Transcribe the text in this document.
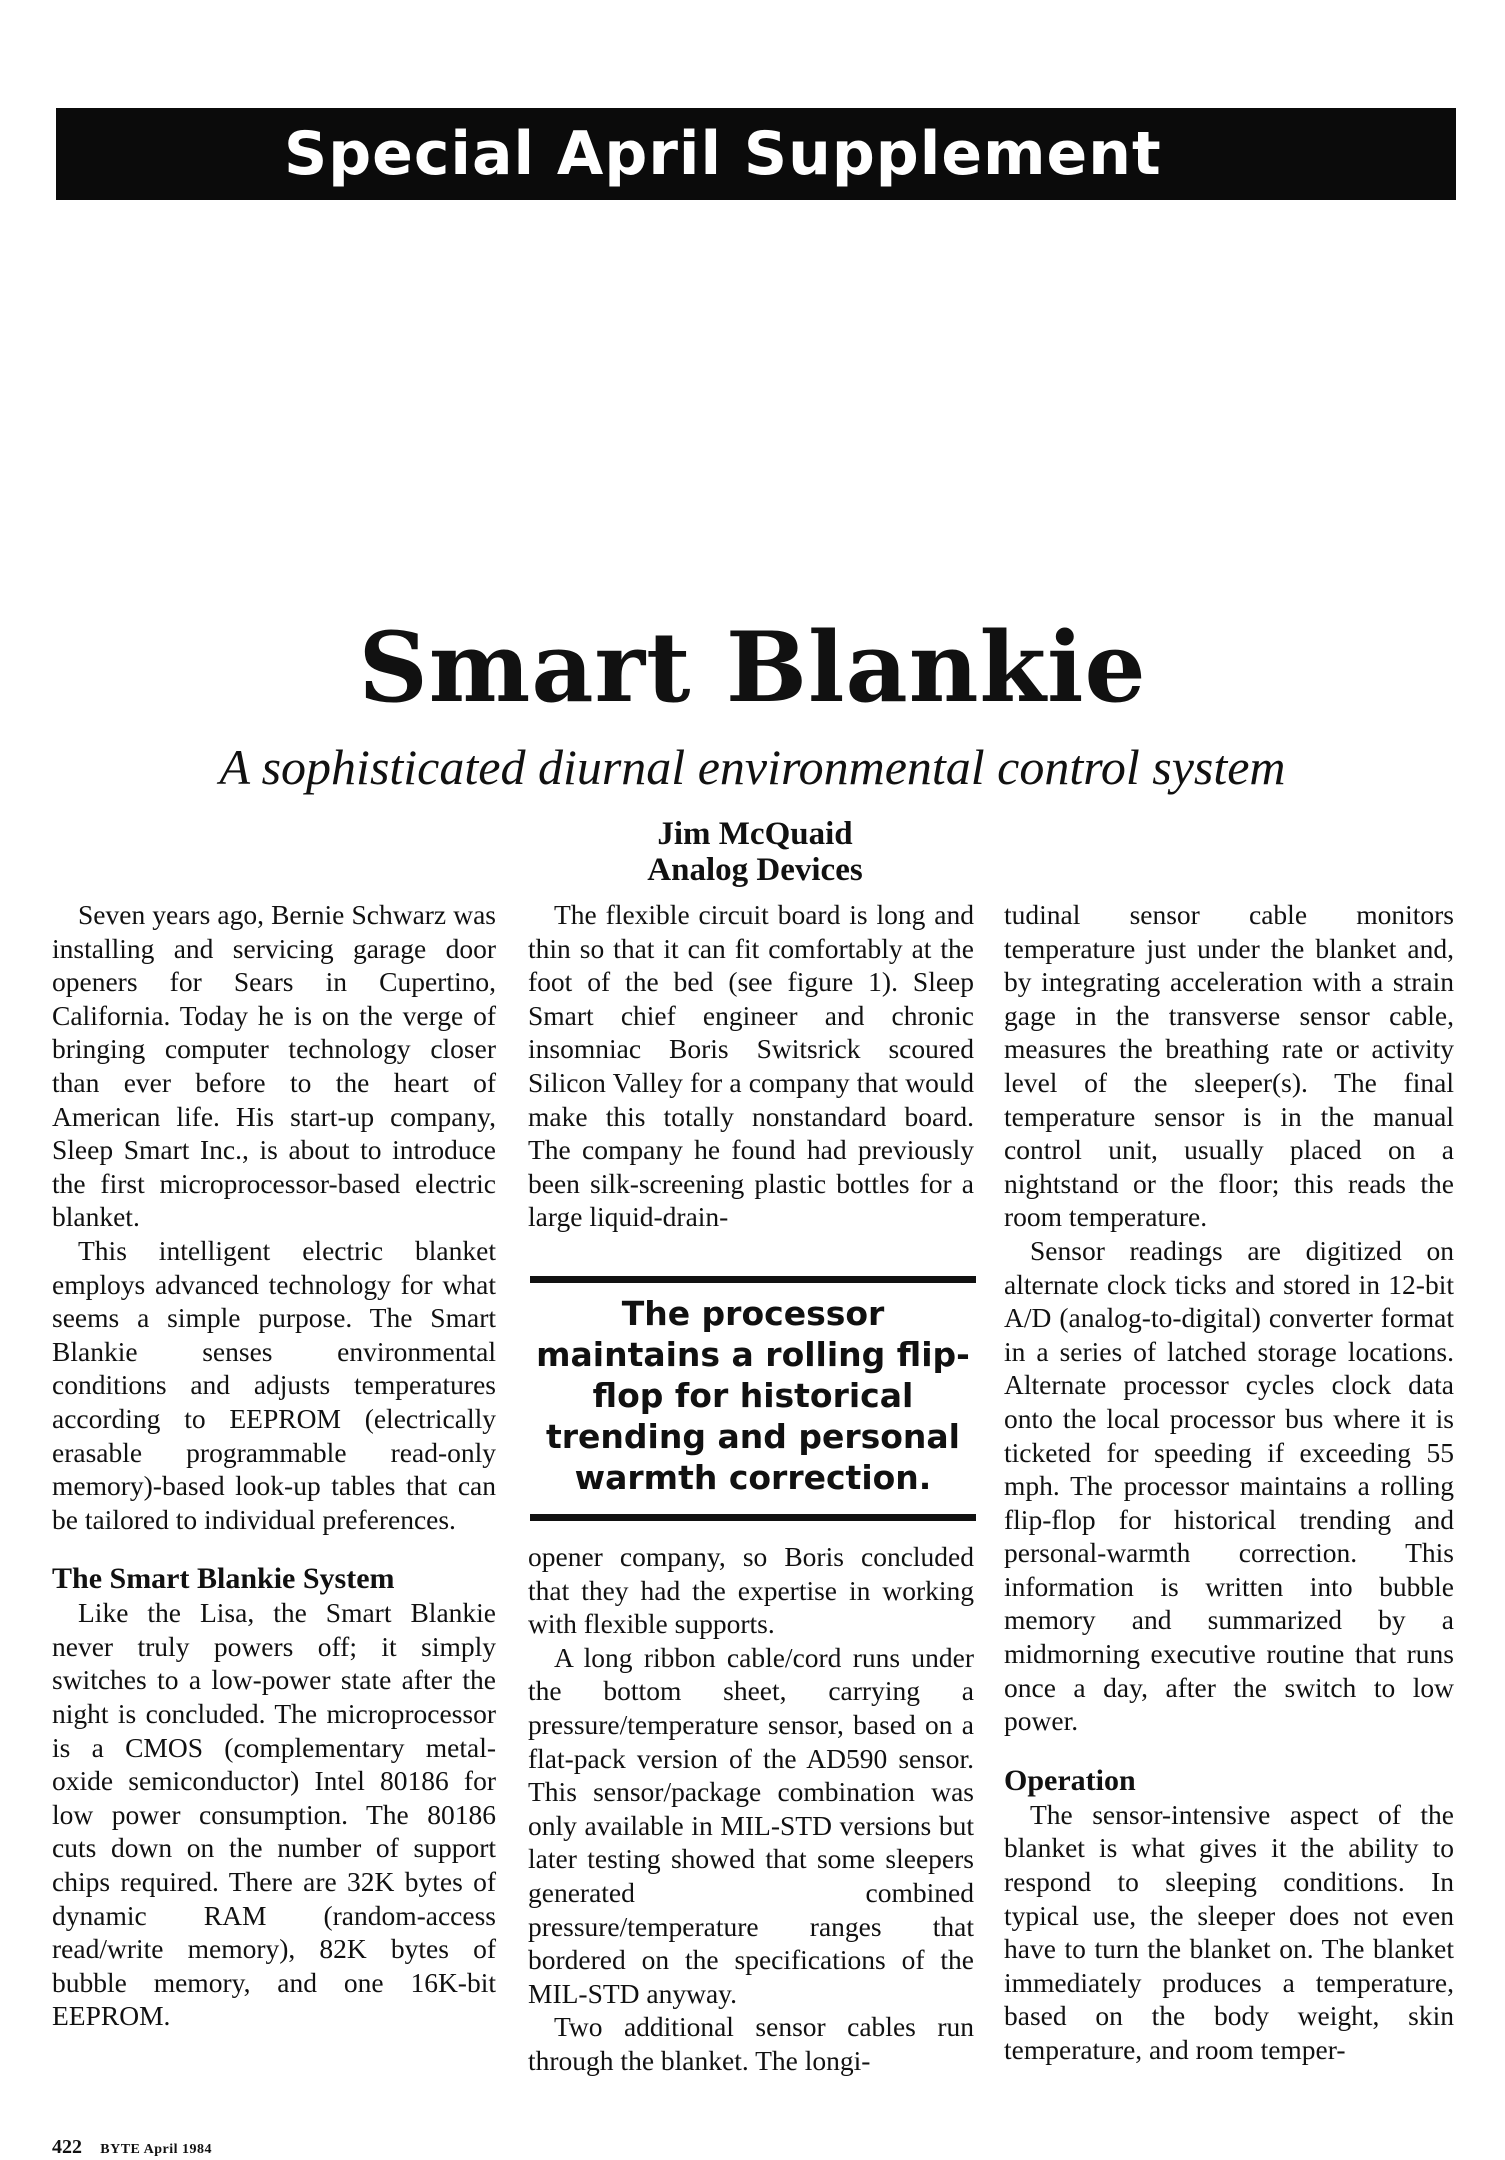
Special April Supplement
Smart Blankie
A sophisticated diurnal environmental control system
Jim McQuaid
Analog Devices

Seven years ago, Bernie Schwarz was installing and servicing garage door openers for Sears in Cupertino, California. Today he is on the verge of bringing computer technology closer than ever before to the heart of American life. His start-up company, Sleep Smart Inc., is about to introduce the first microprocessor-based electric blanket.

This intelligent electric blanket employs advanced technology for what seems a simple purpose. The Smart Blankie senses environmental conditions and adjusts temperatures according to EEPROM (electrically erasable programmable read-only memory)-based look-up tables that can be tailored to individual preferences.

The Smart Blankie System

Like the Lisa, the Smart Blankie never truly powers off; it simply switches to a low-power state after the night is concluded. The microprocessor is a CMOS (complementary metal-oxide semiconductor) Intel 80186 for low power consumption. The 80186 cuts down on the number of support chips required. There are 32K bytes of dynamic RAM (random-access read/write memory), 82K bytes of bubble memory, and one 16K-bit EEPROM.

The flexible circuit board is long and thin so that it can fit comfortably at the foot of the bed (see figure 1). Sleep Smart chief engineer and chronic insomniac Boris Switsrick scoured Silicon Valley for a company that would make this totally nonstandard board. The company he found had previously been silk-screening plastic bottles for a large liquid-drain-

The processor maintains a rolling flip-flop for historical trending and personal warmth correction.

opener company, so Boris concluded that they had the expertise in working with flexible supports.

A long ribbon cable/cord runs under the bottom sheet, carrying a pressure/temperature sensor, based on a flat-pack version of the AD590 sensor. This sensor/package combination was only available in MIL-STD versions but later testing showed that some sleepers generated combined pressure/temperature ranges that bordered on the specifications of the MIL-STD anyway.

Two additional sensor cables run through the blanket. The longi-

tudinal sensor cable monitors temperature just under the blanket and, by integrating acceleration with a strain gage in the transverse sensor cable, measures the breathing rate or activity level of the sleeper(s). The final temperature sensor is in the manual control unit, usually placed on a nightstand or the floor; this reads the room temperature.

Sensor readings are digitized on alternate clock ticks and stored in 12-bit A/D (analog-to-digital) converter format in a series of latched storage locations. Alternate processor cycles clock data onto the local processor bus where it is ticketed for speeding if exceeding 55 mph. The processor maintains a rolling flip-flop for historical trending and personal-warmth correction. This information is written into bubble memory and summarized by a midmorning executive routine that runs once a day, after the switch to low power.

Operation

The sensor-intensive aspect of the blanket is what gives it the ability to respond to sleeping conditions. In typical use, the sleeper does not even have to turn the blanket on. The blanket immediately produces a temperature, based on the body weight, skin temperature, and room temper-

422 BYTE April 1984
